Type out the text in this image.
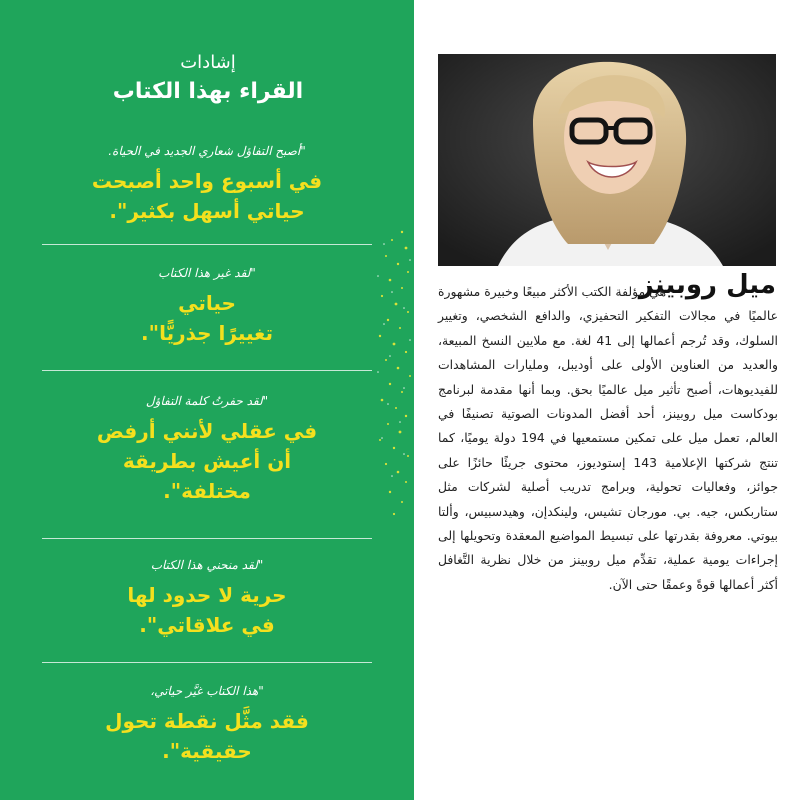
إشادات
القراء بهذا الكتاب
"أصبح التفاؤل شعاري الجديد في الحياة.
في أسبوع واحد أصبحت
حياتي أسهل بكثير".
"لقد غير هذا الكتاب
حياتي
تغييرًا جذريًّا".
"لقد حفرتُ كلمة التفاؤل
في عقلي لأنني أرفض
أن أعيش بطريقة
مختلفة".
"لقد منحني هذا الكتاب
حرية لا حدود لها
في علاقاتي".
"هذا الكتاب غيَّر حياتي،
فقد مثَّل نقطة تحول
حقيقية".
ميل روبينز
هي مؤلفة الكتب الأكثر مبيعًا وخبيرة مشهورة عالميًا في مجالات التفكير التحفيزي، والدافع الشخصي، وتغيير السلوك، وقد تُرجم أعمالها إلى 41 لغة. مع ملايين النسخ المبيعة، والعديد من العناوين الأولى على أوديبل، ومليارات المشاهدات للفيديوهات، أصبح تأثير ميل عالميًا بحق. وبما أنها مقدمة لبرنامج بودكاست ميل روبينز، أحد أفضل المدونات الصوتية تصنيفًا في العالم، تعمل ميل على تمكين مستمعيها في 194 دولة يوميًا، كما تنتج شركتها الإعلامية 143 إستوديوز، محتوى جريئًا حائزًا على جوائز، وفعاليات تحولية، وبرامج تدريب أصلية لشركات مثل ستاربكس، جيه. بي. مورجان تشيس، ولينكدإن، وهيدسبيس، وألتا بيوتي. معروفة بقدرتها على تبسيط المواضيع المعقدة وتحويلها إلى إجراءات يومية عملية، تقدِّم ميل روبينز من خلال نظرية التَّغافل أكثر أعمالها قوةً وعمقًا حتى الآن.
